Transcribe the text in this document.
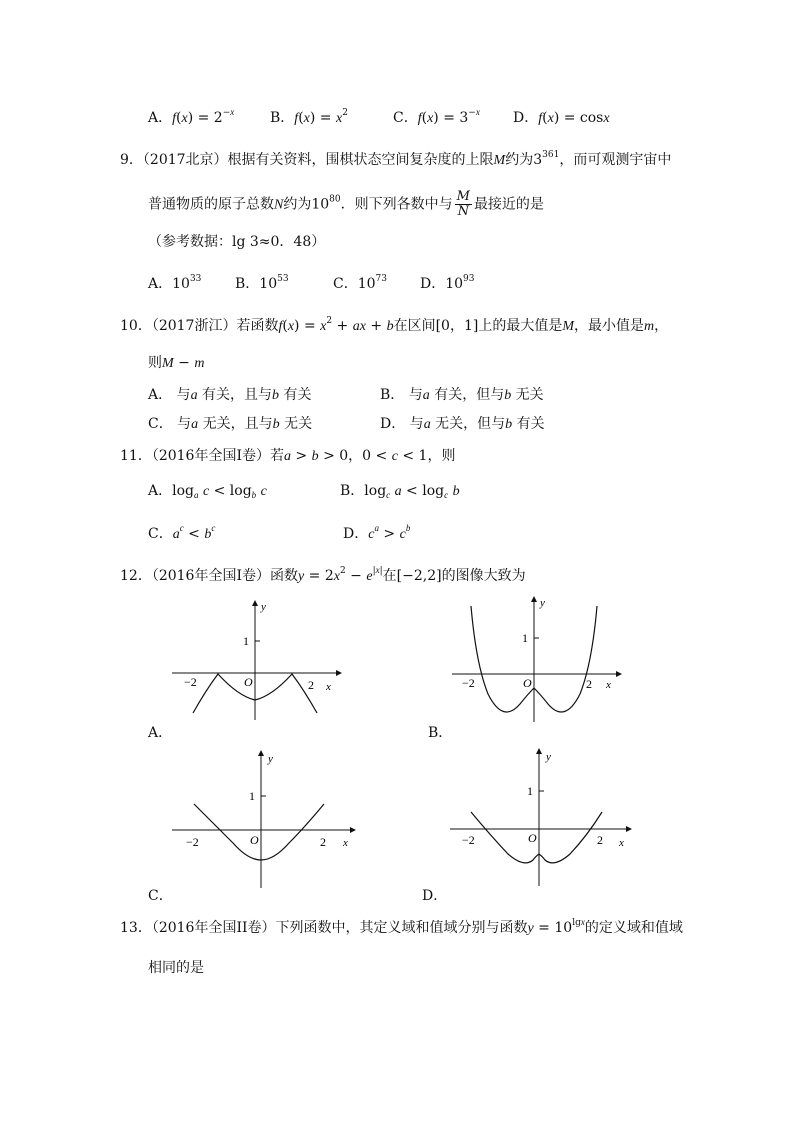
A．$f(x) = 2^{-x}$	B．$f(x) = x^2$	C．$f(x) = 3^{-x}$ D．f(x) = cosx
9．（2017北京）根据有关资料，围棋状态空间复杂度的上限M约为$3^{361}$，而可观测宇宙中
普通物质的原子总数N约为$10^{80}$．则下列各数中与 $\frac{M}{N}$ 最接近的是
（参考数据：lg 3≈0．48）
A．$10^{33}$ B．$10^{53}$	C．$10^{73}$ D．$10^{93}$
10．（2017浙江）若函数$f(x) = x^2$ + ax + b在区间[0，1]上的最大值是M，最小值是m，
则M − m
A． 与a 有关，且与b 有关	B． 与a 有关，但与b 无关
C． 与a 无关，且与b 无关	D． 与a 无关，但与b 有关
11．（2016年全国I卷）若a > b > 0，0 < c < 1，则
A．$\log_a c < \log_b c$	B．$\log_c a < \log_c b$
C．$a^c < b^c$	D．$c^a > c^b$
12．（2016年全国I卷）函数$y = 2x^2 - e^{|x|}$在[−2,2]的图像大致为
1
y
x
O
−2	2
A．
1
y
x
O
−2	2
B．
1
y
x
O
−2	2
C．
1
y
x
O
−2	2
D．
13．（2016年全国II卷）下列函数中，其定义域和值域分别与函数$y = 10^{lgx}$的定义域和值域
相同的是
